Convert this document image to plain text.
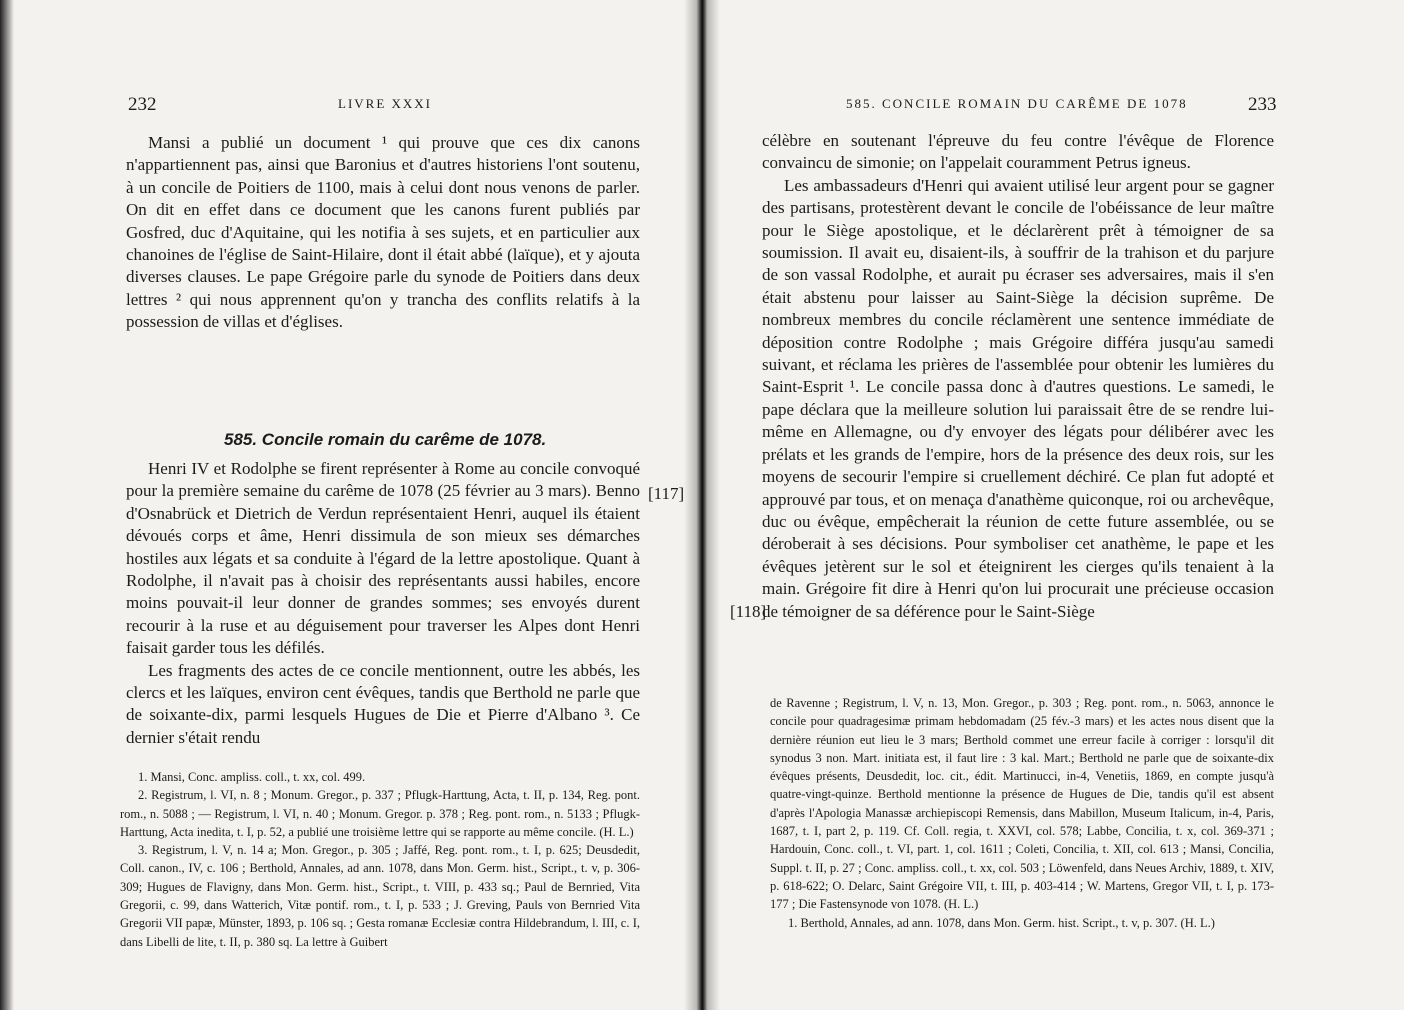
232	LIVRE XXXI

Mansi a publié un document ¹ qui prouve que ces dix canons n'appartiennent pas, ainsi que Baronius et d'autres historiens l'ont soutenu, à un concile de Poitiers de 1100, mais à celui dont nous venons de parler. On dit en effet dans ce document que les canons furent publiés par Gosfred, duc d'Aquitaine, qui les notifia à ses sujets, et en particulier aux chanoines de l'église de Saint-Hilaire, dont il était abbé (laïque), et y ajouta diverses clauses. Le pape Grégoire parle du synode de Poitiers dans deux lettres ² qui nous apprennent qu'on y trancha des conflits relatifs à la possession de villas et d'églises.

585. Concile romain du carême de 1078.

Henri IV et Rodolphe se firent représenter à Rome au concile convoqué pour la première semaine du carême de 1078 (25 février au 3 mars). Benno d'Osnabrück et Dietrich de Verdun représentaient Henri, auquel ils étaient dévoués corps et âme, Henri dissimula de son mieux ses démarches hostiles aux légats et sa conduite à l'égard de la lettre apostolique. Quant à Rodolphe, il n'avait pas à choisir des représentants aussi habiles, encore moins pouvait-il leur donner de grandes sommes; ses envoyés durent recourir à la ruse et au déguisement pour traverser les Alpes dont Henri faisait garder tous les défilés.

Les fragments des actes de ce concile mentionnent, outre les abbés, les clercs et les laïques, environ cent évêques, tandis que Berthold ne parle que de soixante-dix, parmi lesquels Hugues de Die et Pierre d'Albano ³. Ce dernier s'était rendu

[117]

1. Mansi, Conc. ampliss. coll., t. xx, col. 499.

2. Registrum, l. VI, n. 8 ; Monum. Gregor., p. 337 ; Pflugk-Harttung, Acta, t. II, p. 134, Reg. pont. rom., n. 5088 ; — Registrum, l. VI, n. 40 ; Monum. Gregor. p. 378 ; Reg. pont. rom., n. 5133 ; Pflugk-Harttung, Acta inedita, t. I, p. 52, a publié une troisième lettre qui se rapporte au même concile. (H. L.)

3. Registrum, l. V, n. 14 a; Mon. Gregor., p. 305 ; Jaffé, Reg. pont. rom., t. I, p. 625; Deusdedit, Coll. canon., IV, c. 106 ; Berthold, Annales, ad ann. 1078, dans Mon. Germ. hist., Script., t. v, p. 306-309; Hugues de Flavigny, dans Mon. Germ. hist., Script., t. VIII, p. 433 sq.; Paul de Bernried, Vita Gregorii, c. 99, dans Watterich, Vitæ pontif. rom., t. I, p. 533 ; J. Greving, Pauls von Bernried Vita Gregorii VII papæ, Münster, 1893, p. 106 sq. ; Gesta romanæ Ecclesiæ contra Hildebrandum, l. III, c. I, dans Libelli de lite, t. II, p. 380 sq. La lettre à Guibert

585. CONCILE ROMAIN DU CARÊME DE 1078	233

célèbre en soutenant l'épreuve du feu contre l'évêque de Florence convaincu de simonie; on l'appelait couramment Petrus igneus.

Les ambassadeurs d'Henri qui avaient utilisé leur argent pour se gagner des partisans, protestèrent devant le concile de l'obéissance de leur maître pour le Siège apostolique, et le déclarèrent prêt à témoigner de sa soumission. Il avait eu, disaient-ils, à souffrir de la trahison et du parjure de son vassal Rodolphe, et aurait pu écraser ses adversaires, mais il s'en était abstenu pour laisser au Saint-Siège la décision suprême. De nombreux membres du concile réclamèrent une sentence immédiate de déposition contre Rodolphe ; mais Grégoire différa jusqu'au samedi suivant, et réclama les prières de l'assemblée pour obtenir les lumières du Saint-Esprit ¹. Le concile passa donc à d'autres questions. Le samedi, le pape déclara que la meilleure solution lui paraissait être de se rendre lui-même en Allemagne, ou d'y envoyer des légats pour délibérer avec les prélats et les grands de l'empire, hors de la présence des deux rois, sur les moyens de secourir l'empire si cruellement déchiré. Ce plan fut adopté et approuvé par tous, et on menaça d'anathème quiconque, roi ou archevêque, duc ou évêque, empêcherait la réunion de cette future assemblée, ou se déroberait à ses décisions. Pour symboliser cet anathème, le pape et les évêques jetèrent sur le sol et éteignirent les cierges qu'ils tenaient à la main. Grégoire fit dire à Henri qu'on lui procurait une précieuse occasion de témoigner de sa déférence pour le Saint-Siège

[118]

de Ravenne ; Registrum, l. V, n. 13, Mon. Gregor., p. 303 ; Reg. pont. rom., n. 5063, annonce le concile pour quadragesimæ primam hebdomadam (25 fév.-3 mars) et les actes nous disent que la dernière réunion eut lieu le 3 mars; Berthold commet une erreur facile à corriger : lorsqu'il dit synodus 3 non. Mart. initiata est, il faut lire : 3 kal. Mart.; Berthold ne parle que de soixante-dix évêques présents, Deusdedit, loc. cit., édit. Martinucci, in-4, Venetiis, 1869, en compte jusqu'à quatre-vingt-quinze. Berthold mentionne la présence de Hugues de Die, tandis qu'il est absent d'après l'Apologia Manassæ archiepiscopi Remensis, dans Mabillon, Museum Italicum, in-4, Paris, 1687, t. I, part 2, p. 119. Cf. Coll. regia, t. XXVI, col. 578; Labbe, Concilia, t. x, col. 369-371 ; Hardouin, Conc. coll., t. VI, part. 1, col. 1611 ; Coleti, Concilia, t. XII, col. 613 ; Mansi, Concilia, Suppl. t. II, p. 27 ; Conc. ampliss. coll., t. xx, col. 503 ; Löwenfeld, dans Neues Archiv, 1889, t. XIV, p. 618-622; O. Delarc, Saint Grégoire VII, t. III, p. 403-414 ; W. Martens, Gregor VII, t. I, p. 173-177 ; Die Fastensynode von 1078. (H. L.)

1. Berthold, Annales, ad ann. 1078, dans Mon. Germ. hist. Script., t. v, p. 307. (H. L.)
